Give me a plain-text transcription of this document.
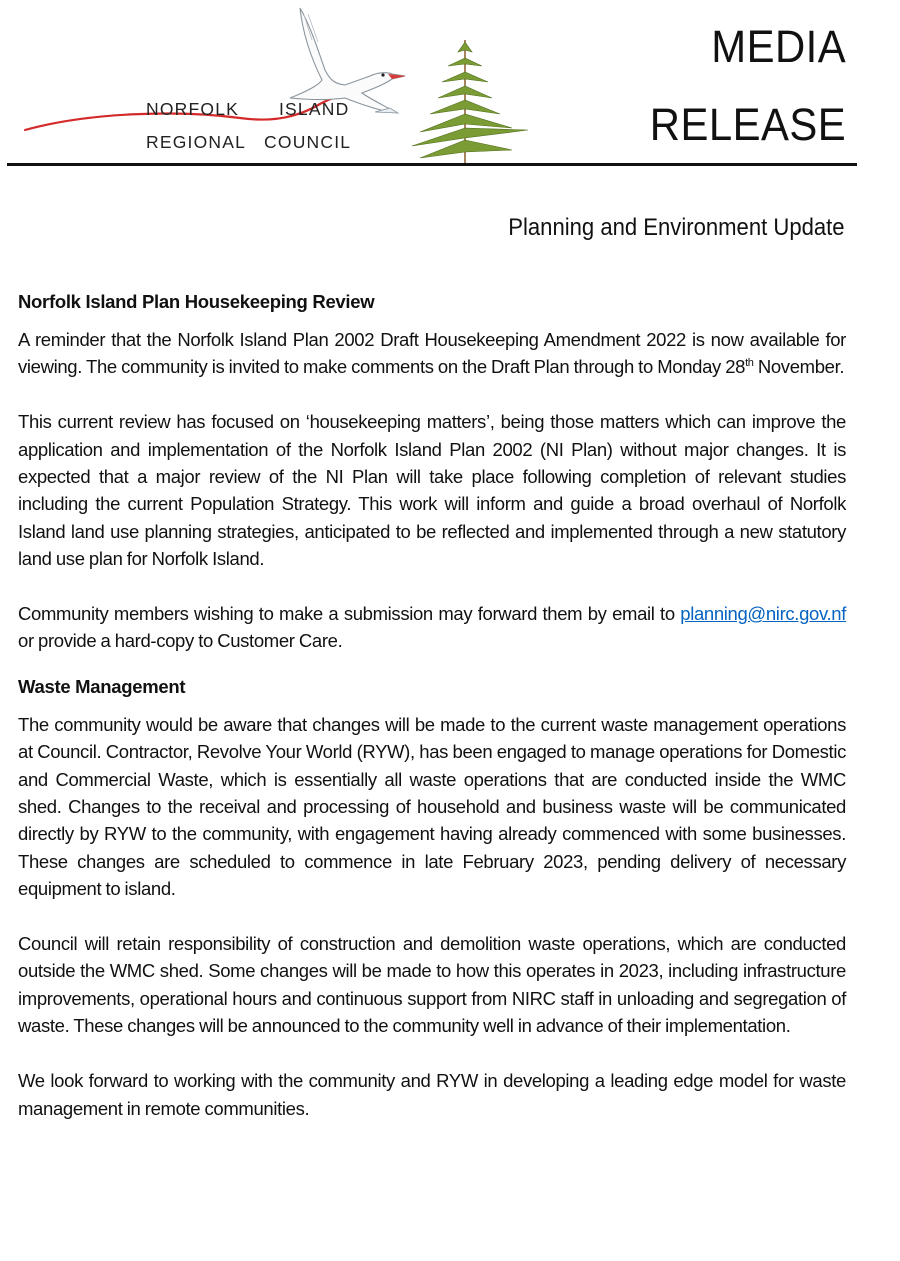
NORFOLK ISLAND
REGIONAL COUNCIL
MEDIA
RELEASE
Planning and Environment Update
Norfolk Island Plan Housekeeping Review

A reminder that the Norfolk Island Plan 2002 Draft Housekeeping Amendment 2022 is now available for viewing. The community is invited to make comments on the Draft Plan through to Monday 28th November.

This current review has focused on ‘housekeeping matters’, being those matters which can improve the application and implementation of the Norfolk Island Plan 2002 (NI Plan) without major changes. It is expected that a major review of the NI Plan will take place following completion of relevant studies including the current Population Strategy. This work will inform and guide a broad overhaul of Norfolk Island land use planning strategies, anticipated to be reflected and implemented through a new statutory land use plan for Norfolk Island.

Community members wishing to make a submission may forward them by email to planning@nirc.gov.nf or provide a hard-copy to Customer Care.

Waste Management

The community would be aware that changes will be made to the current waste management operations at Council. Contractor, Revolve Your World (RYW), has been engaged to manage operations for Domestic and Commercial Waste, which is essentially all waste operations that are conducted inside the WMC shed. Changes to the receival and processing of household and business waste will be communicated directly by RYW to the community, with engagement having already commenced with some businesses. These changes are scheduled to commence in late February 2023, pending delivery of necessary equipment to island.

Council will retain responsibility of construction and demolition waste operations, which are conducted outside the WMC shed. Some changes will be made to how this operates in 2023, including infrastructure improvements, operational hours and continuous support from NIRC staff in unloading and segregation of waste. These changes will be announced to the community well in advance of their implementation.

We look forward to working with the community and RYW in developing a leading edge model for waste management in remote communities.
